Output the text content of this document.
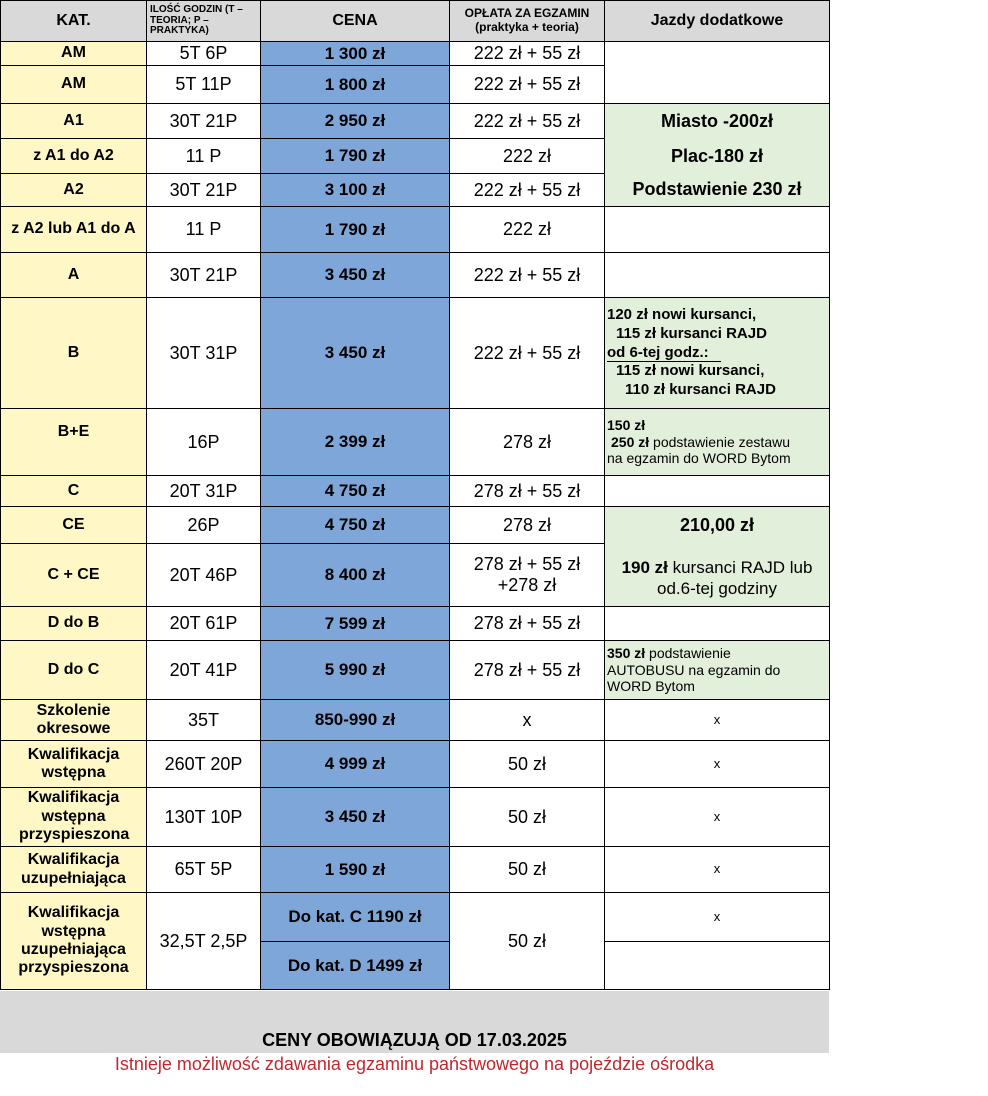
KAT.	ILOŚĆ GODZIN (T – TEORIA; P – PRAKTYKA)	CENA	OPŁATA ZA EGZAMIN
(praktyka + teoria)	Jazdy dodatkowe
AM	5T 6P	1 300 zł	222 zł + 55 zł	
AM	5T 11P	1 800 zł	222 zł + 55 zł	
A1	30T 21P	2 950 zł	222 zł + 55 zł	Miasto -200zł
z A1 do A2	11 P	1 790 zł	222 zł	Plac-180 zł
A2	30T 21P	3 100 zł	222 zł + 55 zł	Podstawienie 230 zł
z A2 lub A1 do A	11 P	1 790 zł	222 zł	
A	30T 21P	3 450 zł	222 zł + 55 zł	
B	30T 31P	3 450 zł	222 zł + 55 zł	120 zł nowi kursanci,
115 zł kursanci RAJD
od 6-tej godz.:
115 zł nowi kursanci,
110 zł kursanci RAJD

B+E	16P	2 399 zł	278 zł	150 zł
250 zł podstawienie zestawu
na egzamin do WORD Bytom

C	20T 31P	4 750 zł	278 zł + 55 zł	
CE	26P	4 750 zł	278 zł	210,00 zł
190 zł kursanci RAJD lub
od.6-tej godziny

C + CE	20T 46P	8 400 zł	278 zł + 55 zł +278 zł	
D do B	20T 61P	7 599 zł	278 zł + 55 zł	
D do C	20T 41P	5 990 zł	278 zł + 55 zł	350 zł podstawienie
AUTOBUSU na egzamin do
WORD Bytom

Szkolenie okresowe	35T	850-990 zł	x	x
Kwalifikacja wstępna	260T 20P	4 999 zł	50 zł	x
Kwalifikacja wstępna przyspieszona	130T 10P	3 450 zł	50 zł	x
Kwalifikacja uzupełniająca	65T 5P	1 590 zł	50 zł	x
Kwalifikacja wstępna uzupełniająca przyspieszona	32,5T 2,5P	Do kat. C 1190 zł	50 zł	x
		Do kat. D 1499 zł		
CENY OBOWIĄZUJĄ OD 17.03.2025
Istnieje możliwość zdawania egzaminu państwowego na pojeździe ośrodka
